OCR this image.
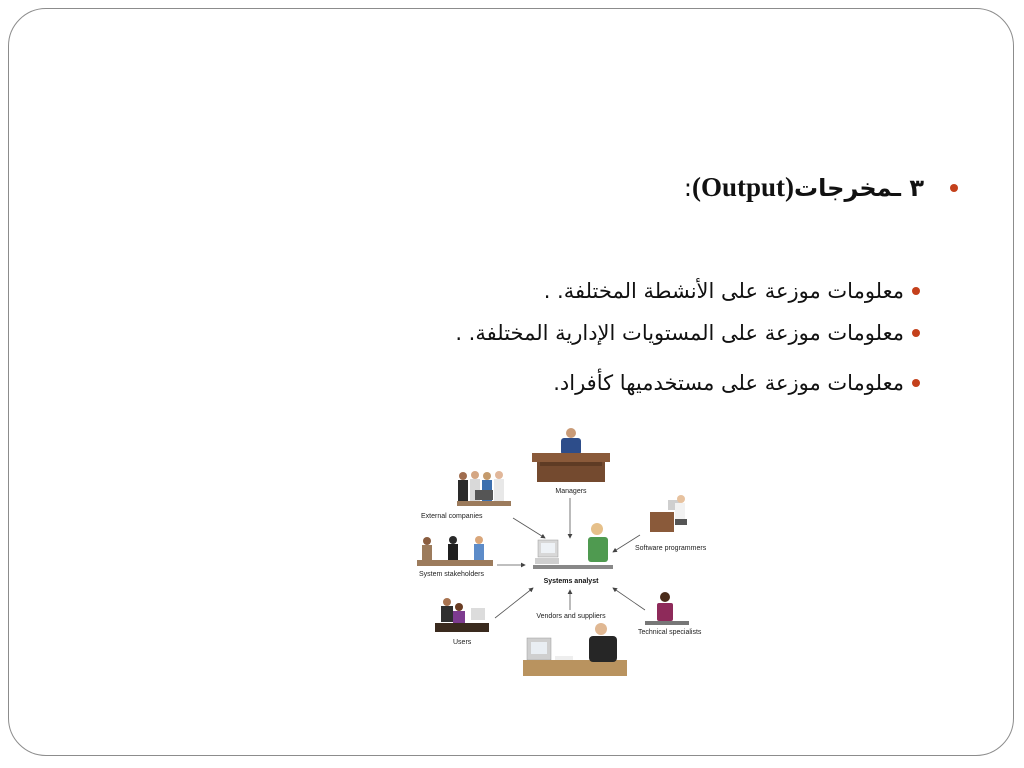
٣ ـمخرجات(Output):
معلومات موزعة على الأنشطة المختلفة. .
معلومات موزعة على المستويات الإدارية المختلفة. .
معلومات موزعة على مستخدميها كأفراد.
Managers
External companies
Software programmers
System stakeholders
Systems analyst
Users
Vendors and suppliers
Technical specialists
